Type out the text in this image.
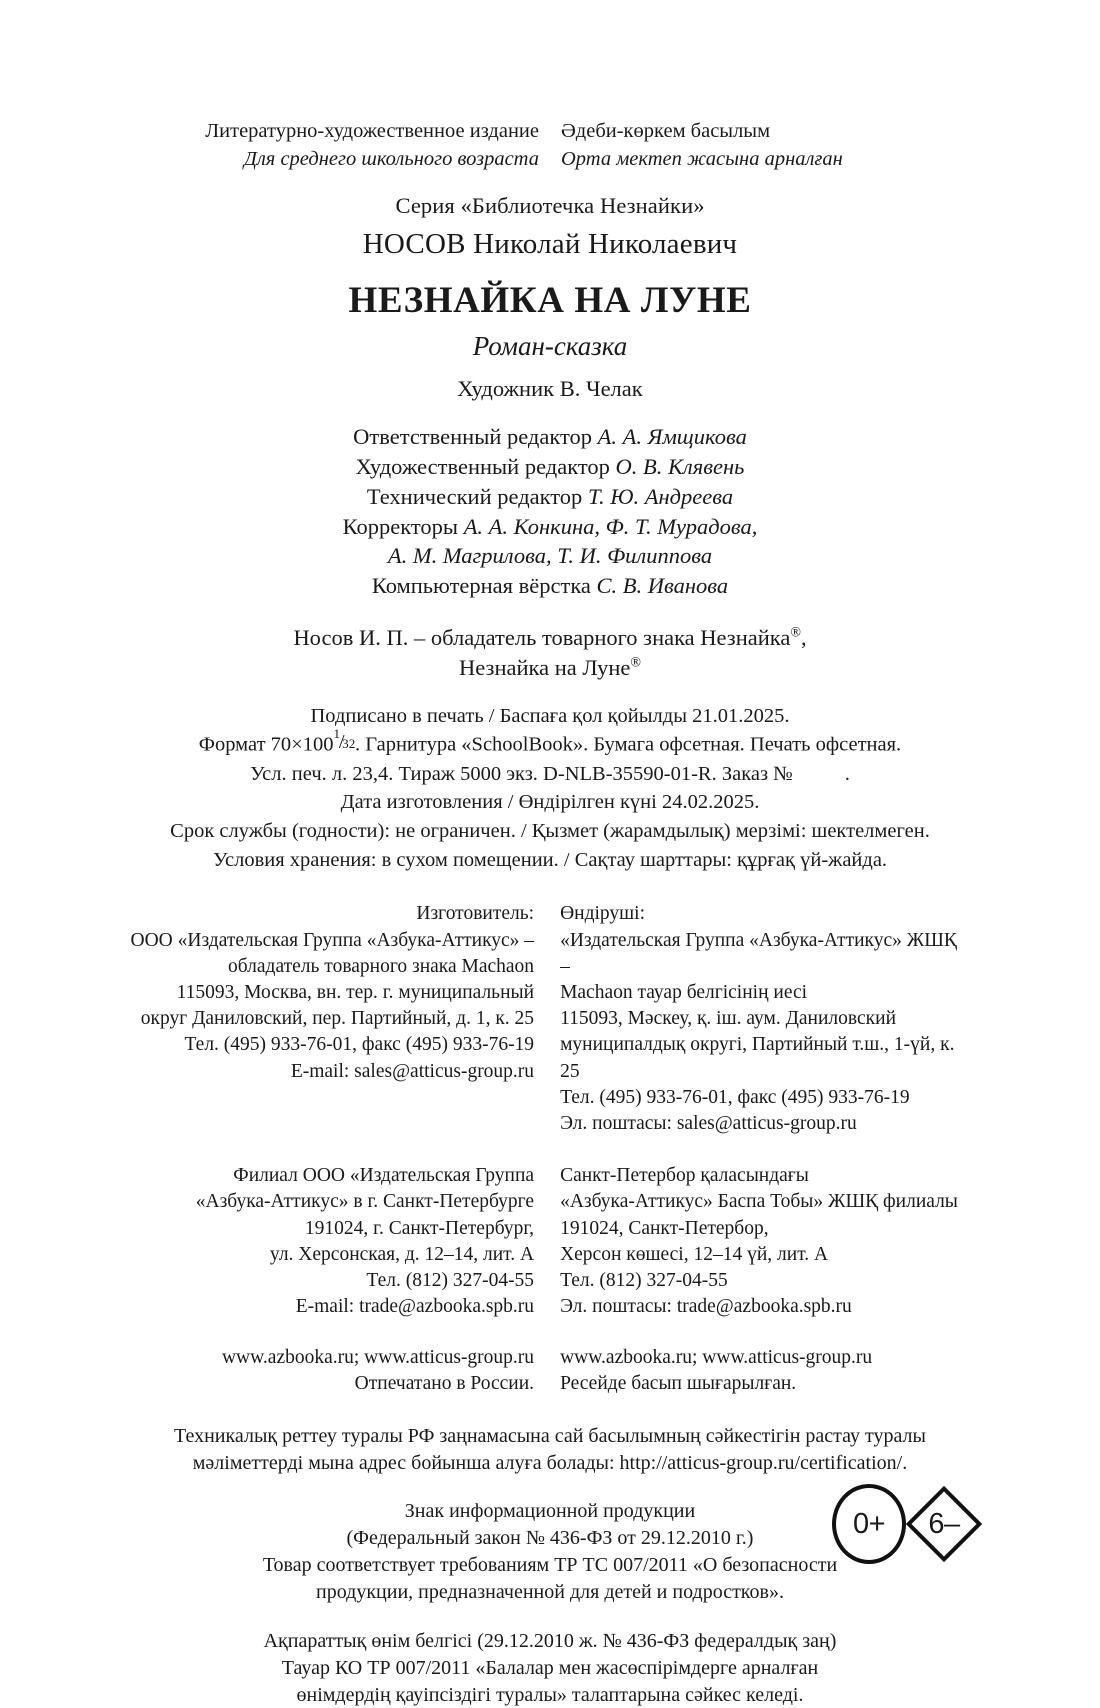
Литературно-художественное издание
Для среднего школьного возраста
Әдеби-көркем басылым
Орта мектеп жасына арналған
Серия «Библиотечка Незнайки»
НОСОВ Николай Николаевич
НЕЗНАЙКА НА ЛУНЕ
Роман-сказка
Художник В. Челак
Ответственный редактор А. А. Ямщикова
Художественный редактор О. В. Клявень
Технический редактор Т. Ю. Андреева
Корректоры А. А. Конкина, Ф. Т. Мурадова,
А. М. Магрилова, Т. И. Филиппова
Компьютерная вёрстка С. В. Иванова
Носов И. П. – обладатель товарного знака Незнайка®,
Незнайка на Луне®
Подписано в печать / Баспаға қол қойылды 21.01.2025.
Формат 70×100
1
/
32 . Гарнитура «SchoolBook». Бумага офсетная. Печать офсетная.
Усл. печ. л. 23,4. Тираж 5000 экз. D-NLB-35590-01-R. Заказ №	.
Дата изготовления / Өндірілген күні 24.02.2025.
Срок службы (годности): не ограничен. / Қызмет (жарамдылық) мерзімі: шектелмеген.
Условия хранения: в сухом помещении. / Сақтау шарттары: құрғақ үй-жайда.
Изготовитель:
ООО «Издательская Группа «Азбука-Аттикус» –
обладатель товарного знака Machaon
115093, Москва, вн. тер. г. муниципальный
округ Даниловский, пер. Партийный, д. 1, к. 25
Тел. (495) 933-76-01, факс (495) 933-76-19
E-mail: sales@atticus-group.ru
Өндіруші:
«Издательская Группа «Азбука-Аттикус» ЖШҚ –
Machaon тауар белгісінің иесі
115093, Мәскеу, қ. іш. аум. Даниловский
муниципалдық округі, Партийный т.ш., 1-үй, к. 25
Тел. (495) 933-76-01, факс (495) 933-76-19
Эл. поштасы: sales@atticus-group.ru
Филиал ООО «Издательская Группа
«Азбука-Аттикус» в г. Санкт-Петербурге
191024, г. Санкт-Петербург,
ул. Херсонская, д. 12–14, лит. А
Тел. (812) 327-04-55
E-mail: trade@azbooka.spb.ru
Санкт-Петербор қаласындағы
«Азбука-Аттикус» Баспа Тобы» ЖШҚ филиалы
191024, Санкт-Петербор,
Херсон көшесі, 12–14 үй, лит. А
Тел. (812) 327-04-55
Эл. поштасы: trade@azbooka.spb.ru
www.azbooka.ru; www.atticus-group.ru
Отпечатано в России.
www.azbooka.ru; www.atticus-group.ru
Ресейде басып шығарылған.
Техникалық реттеу туралы РФ заңнамасына сай басылымның сәйкестігін растау туралы
мәліметтерді мына адрес бойынша алуға болады: http://atticus-group.ru/certification/.
0+	6–
Знак информационной продукции
(Федеральный закон № 436-ФЗ от 29.12.2010 г.)
Товар соответствует требованиям ТР ТС 007/2011 «О безопасности
продукции, предназначенной для детей и подростков».
Ақпараттық өнім белгісі (29.12.2010 ж. № 436-ФЗ федералдық заң)
Тауар КО ТР 007/2011 «Балалар мен жасөспірімдерге арналған
өнімдердің қауіпсіздігі туралы» талаптарына сәйкес келеді.
